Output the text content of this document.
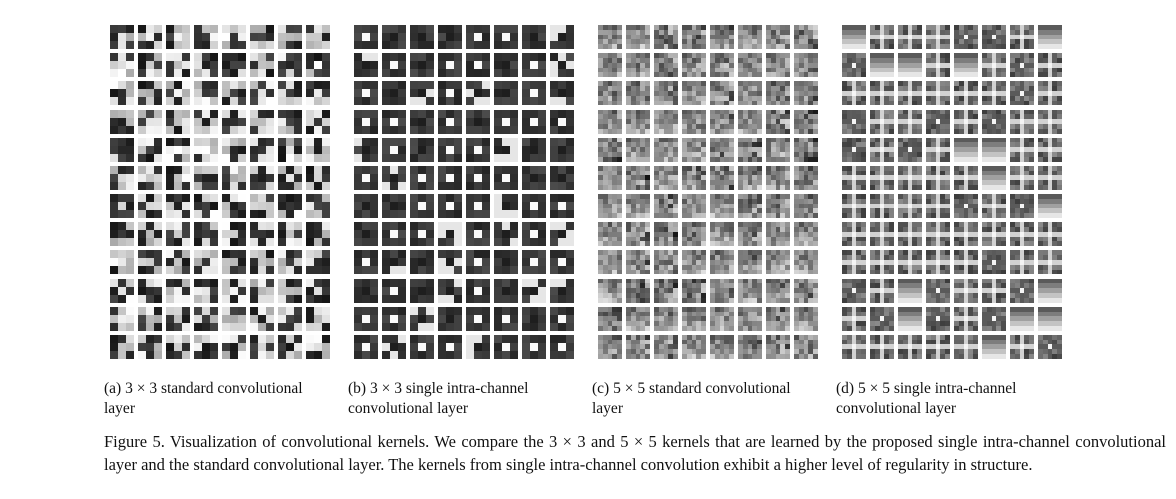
(a) 3 × 3 standard convolutional
layer
(b) 3 × 3 single intra-channel
convolutional layer
(c) 5 × 5 standard convolutional
layer
(d) 5 × 5 single intra-channel
convolutional layer
Figure 5. Visualization of convolutional kernels. We compare the 3 × 3 and 5 × 5 kernels that are learned by the proposed single intra-channel convolutional layer and the standard convolutional layer. The kernels from single intra-channel convolution exhibit a higher level of regularity in structure.
